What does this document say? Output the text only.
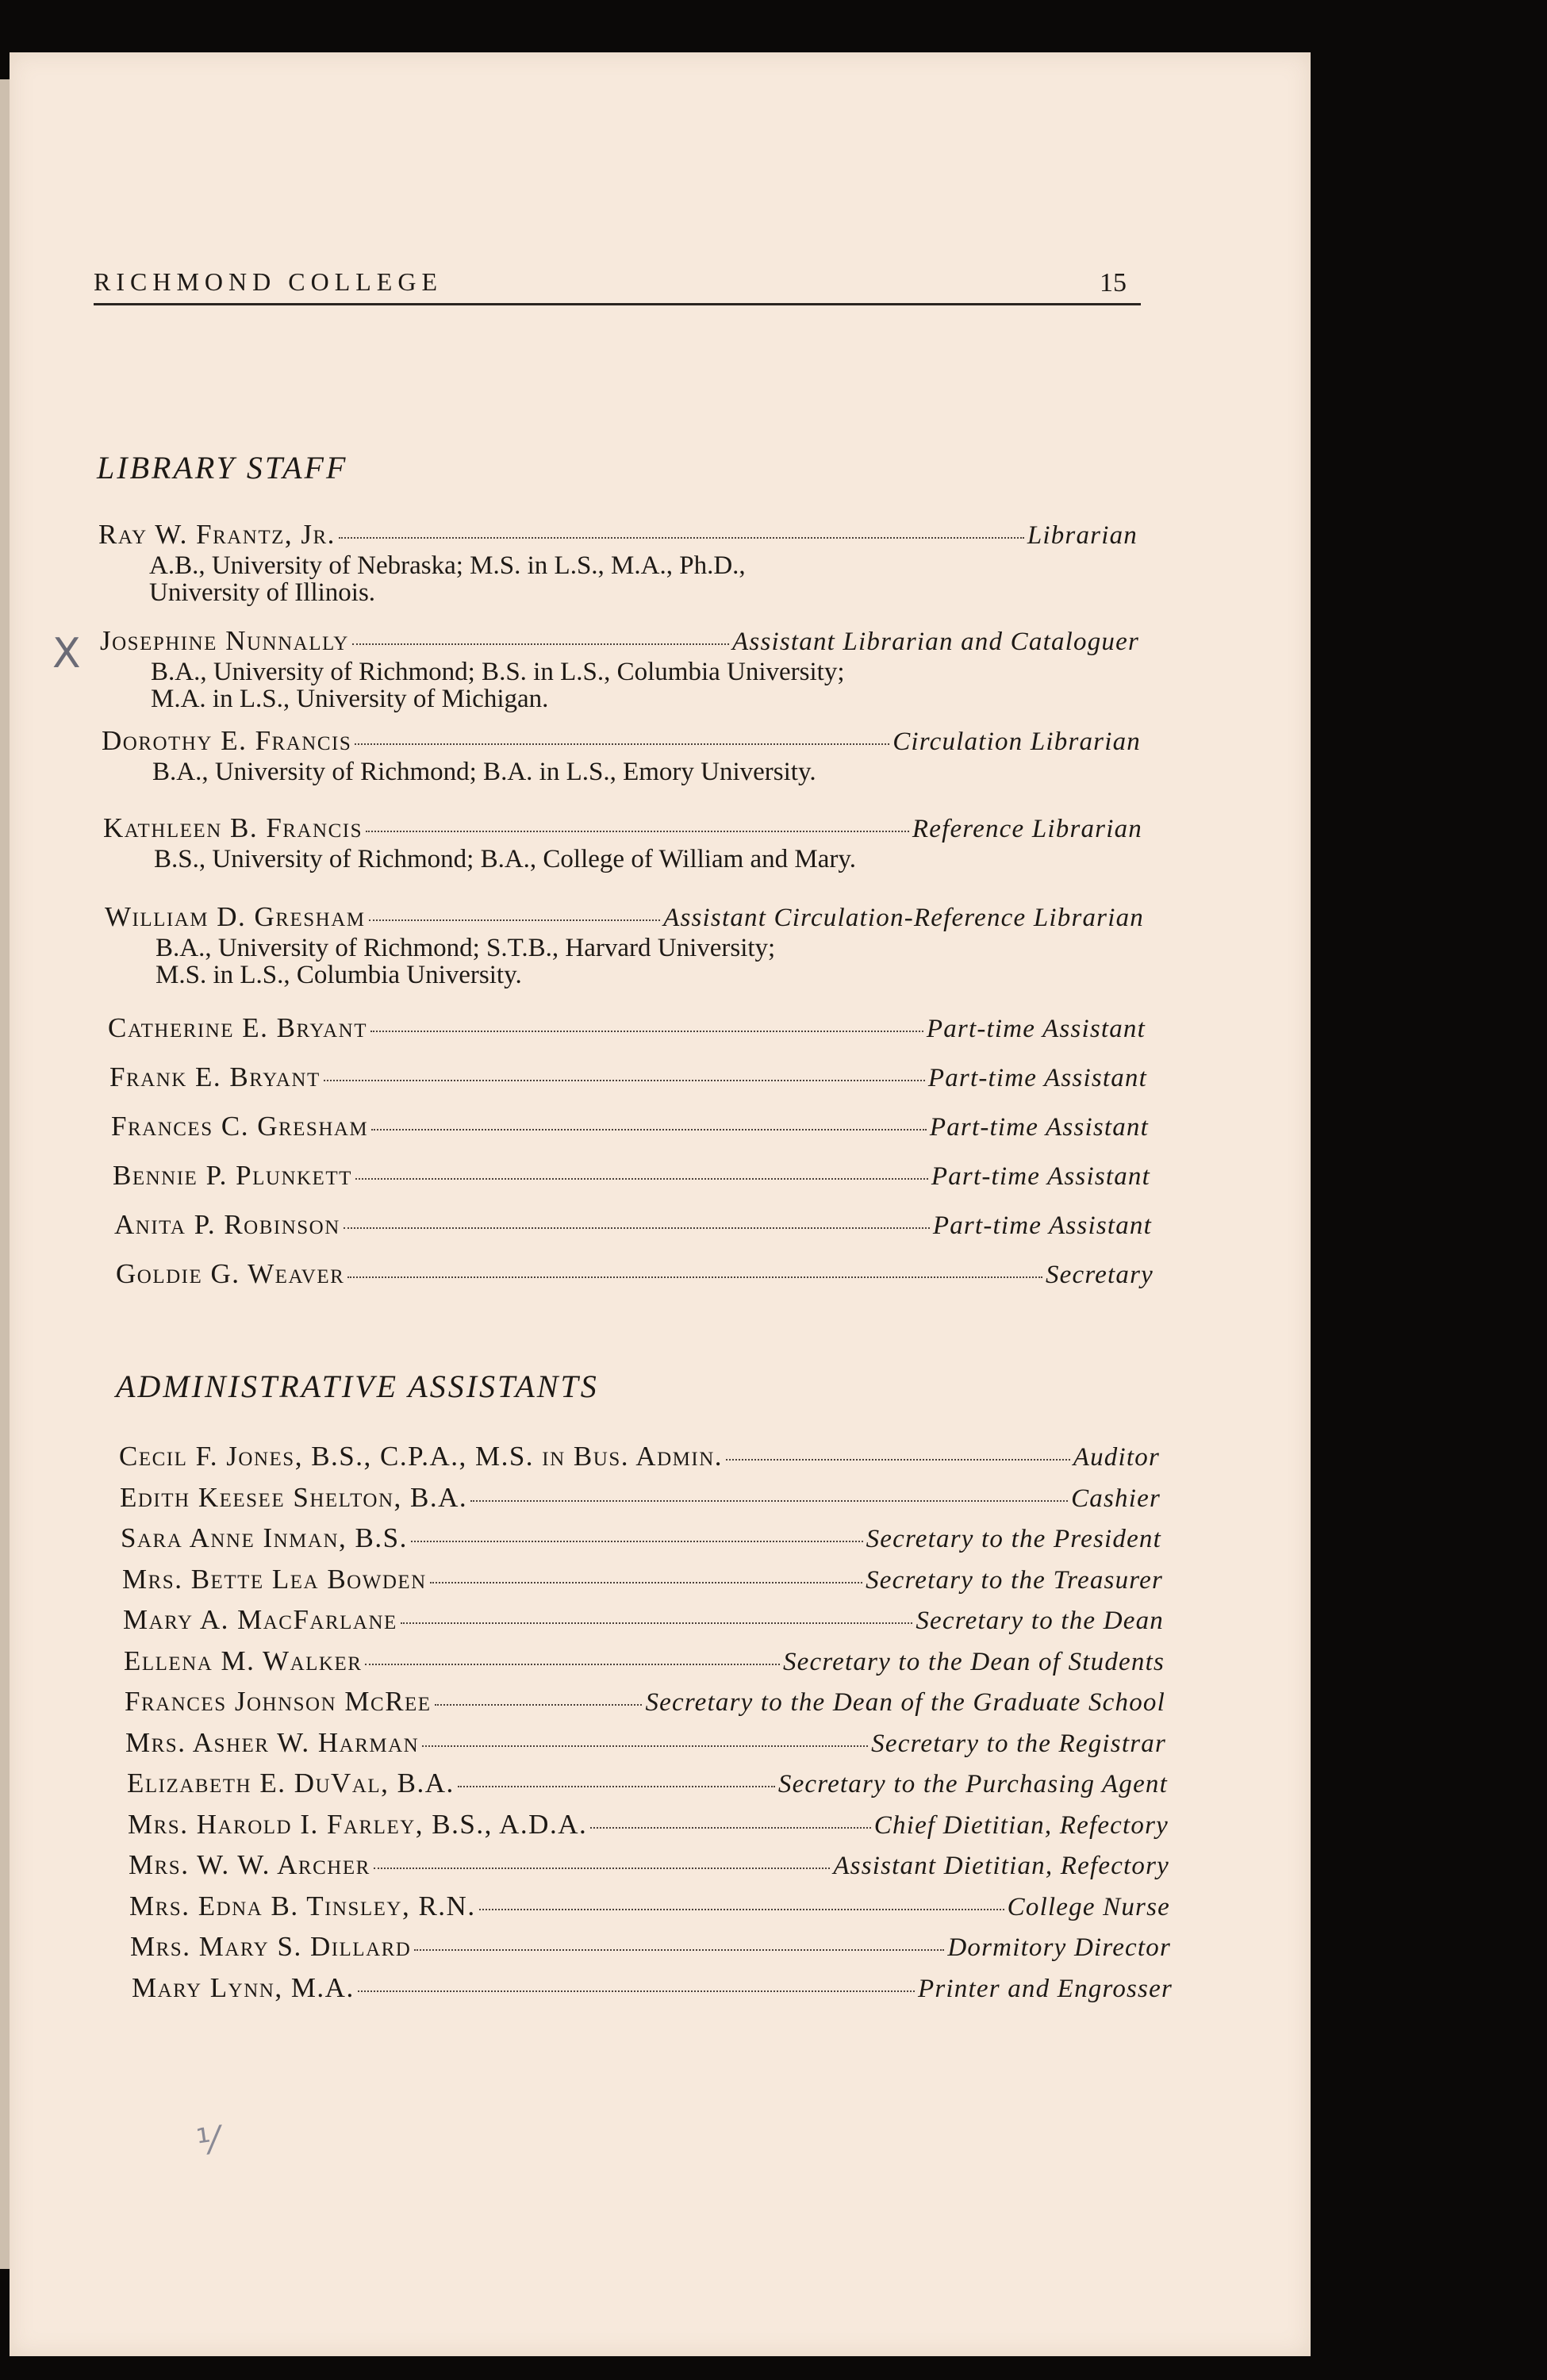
RICHMOND COLLEGE	15
LIBRARY STAFF
Ray W. Frantz, Jr.	Librarian
A.B., University of Nebraska; M.S. in L.S., M.A., Ph.D.,
University of Illinois.
Josephine Nunnally	Assistant Librarian and Cataloguer
B.A., University of Richmond; B.S. in L.S., Columbia University;
M.A. in L.S., University of Michigan.
Dorothy E. Francis	Circulation Librarian
B.A., University of Richmond; B.A. in L.S., Emory University.
Kathleen B. Francis	Reference Librarian
B.S., University of Richmond; B.A., College of William and Mary.
William D. Gresham	Assistant Circulation-Reference Librarian
B.A., University of Richmond; S.T.B., Harvard University;
M.S. in L.S., Columbia University.
Catherine E. Bryant	Part-time Assistant
Frank E. Bryant	Part-time Assistant
Frances C. Gresham	Part-time Assistant
Bennie P. Plunkett	Part-time Assistant
Anita P. Robinson	Part-time Assistant
Goldie G. Weaver	Secretary
ADMINISTRATIVE ASSISTANTS
Cecil F. Jones, B.S., C.P.A., M.S. in Bus. Admin.	Auditor
Edith Keesee Shelton, B.A.	Cashier
Sara Anne Inman, B.S.	Secretary to the President
Mrs. Bette Lea Bowden	Secretary to the Treasurer
Mary A. MacFarlane	Secretary to the Dean
Ellena M. Walker	Secretary to the Dean of Students
Frances Johnson McRee	Secretary to the Dean of the Graduate School
Mrs. Asher W. Harman	Secretary to the Registrar
Elizabeth E. DuVal, B.A.	Secretary to the Purchasing Agent
Mrs. Harold I. Farley, B.S., A.D.A.	Chief Dietitian, Refectory
Mrs. W. W. Archer	Assistant Dietitian, Refectory
Mrs. Edna B. Tinsley, R.N.	College Nurse
Mrs. Mary S. Dillard	Dormitory Director
Mary Lynn, M.A.	Printer and Engrosser
X
⅟
